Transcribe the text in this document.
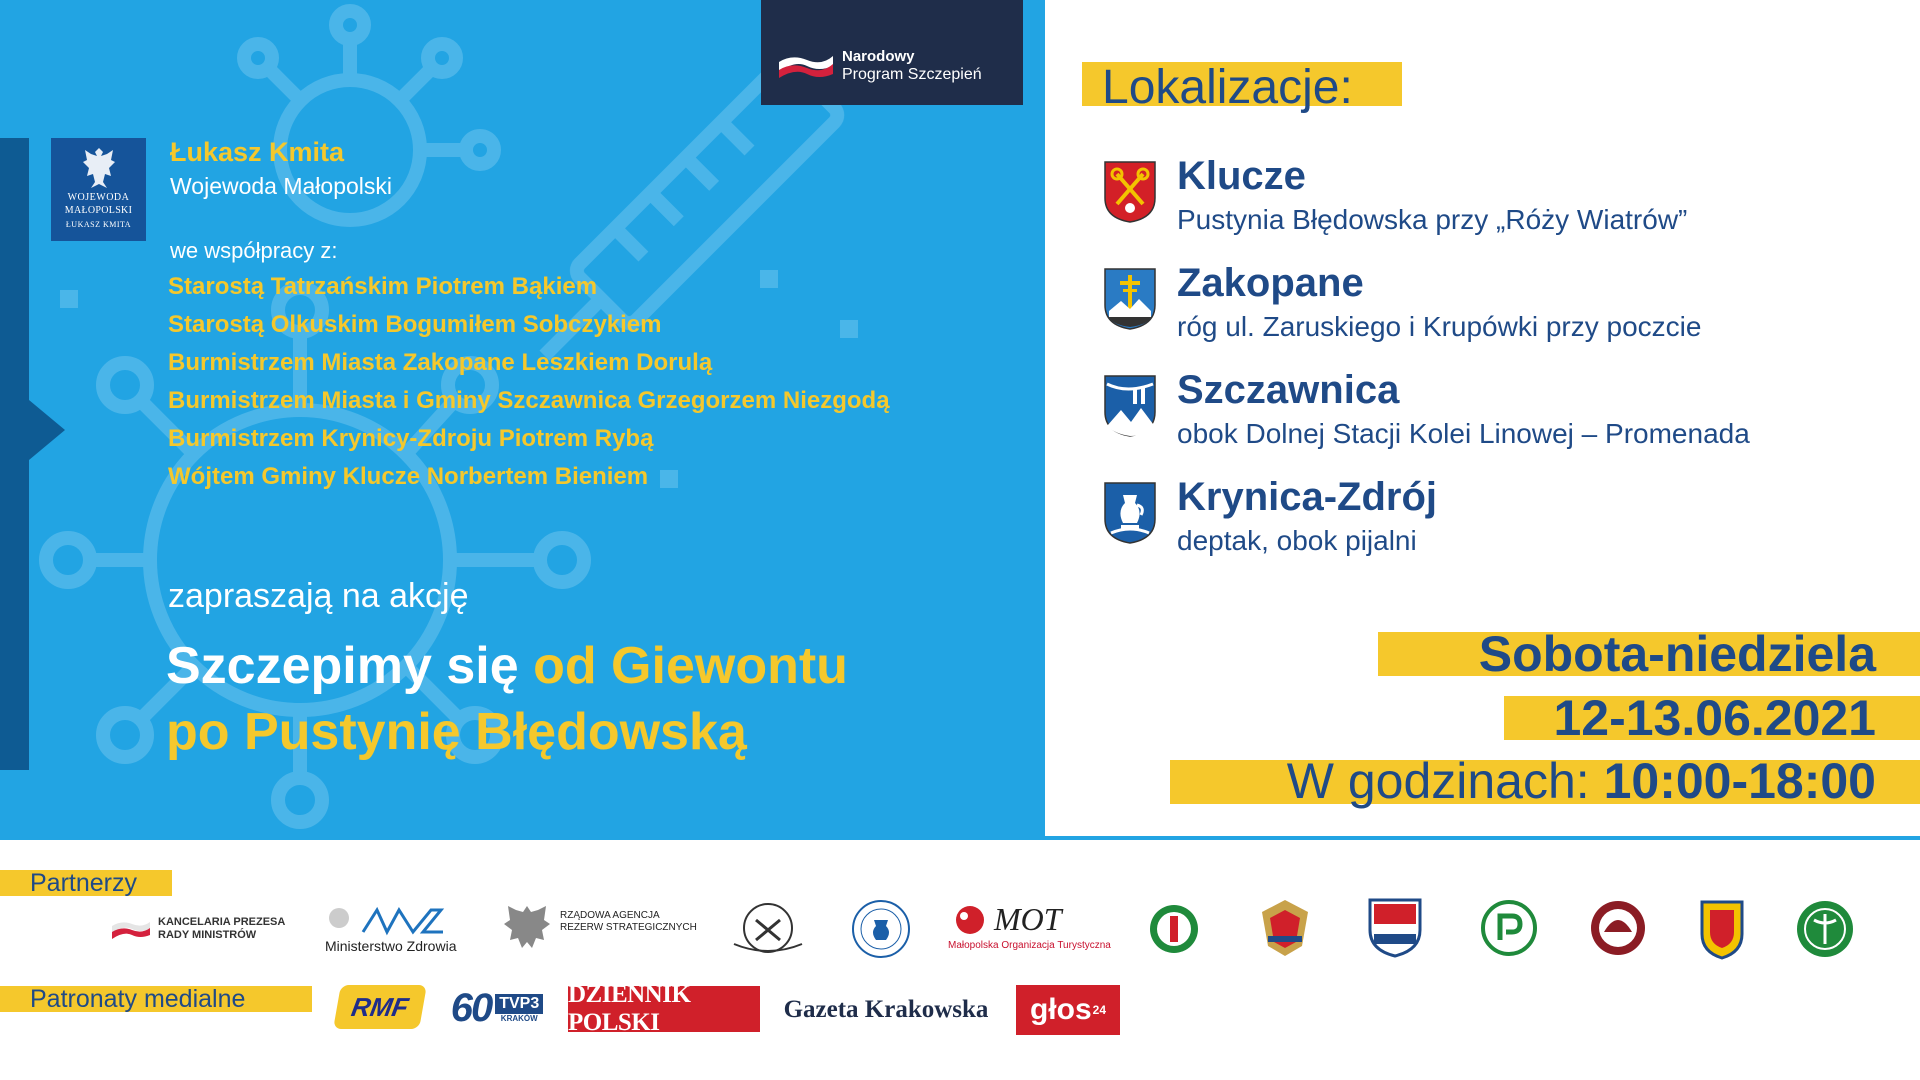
Narodowy
Program Szczepień
WOJEWODA
MAŁOPOLSKI
ŁUKASZ KMITA
Łukasz Kmita
Wojewoda Małopolski
we współpracy z:
Starostą Tatrzańskim Piotrem Bąkiem
Starostą Olkuskim Bogumiłem Sobczykiem
Burmistrzem Miasta Zakopane Leszkiem Dorulą
Burmistrzem Miasta i Gminy Szczawnica Grzegorzem Niezgodą
Burmistrzem Krynicy-Zdroju Piotrem Rybą
Wójtem Gminy Klucze Norbertem Bieniem
zapraszają na akcję
Szczepimy się od Giewontu
po Pustynię Błędowską
Lokalizacje:
Klucze
Pustynia Błędowska przy „Róży Wiatrów”
Zakopane
róg ul. Zaruskiego i Krupówki przy poczcie
Szczawnica
obok Dolnej Stacji Kolei Linowej – Promenada
Krynica-Zdrój
deptak, obok pijalni
Sobota-niedziela
12-13.06.2021
W godzinach: 10:00-18:00
Partnerzy
KANCELARIA PREZESA
RADY MINISTRÓW
Ministerstwo Zdrowia
RZĄDOWA AGENCJA
REZERW STRATEGICZNYCH	MOT
Małopolska Organizacja Turystyczna
Patronaty medialne	RMF 60 TVP3
KRAKÓW
DZIENNIK POLSKI	Gazeta Krakowska głos 24
